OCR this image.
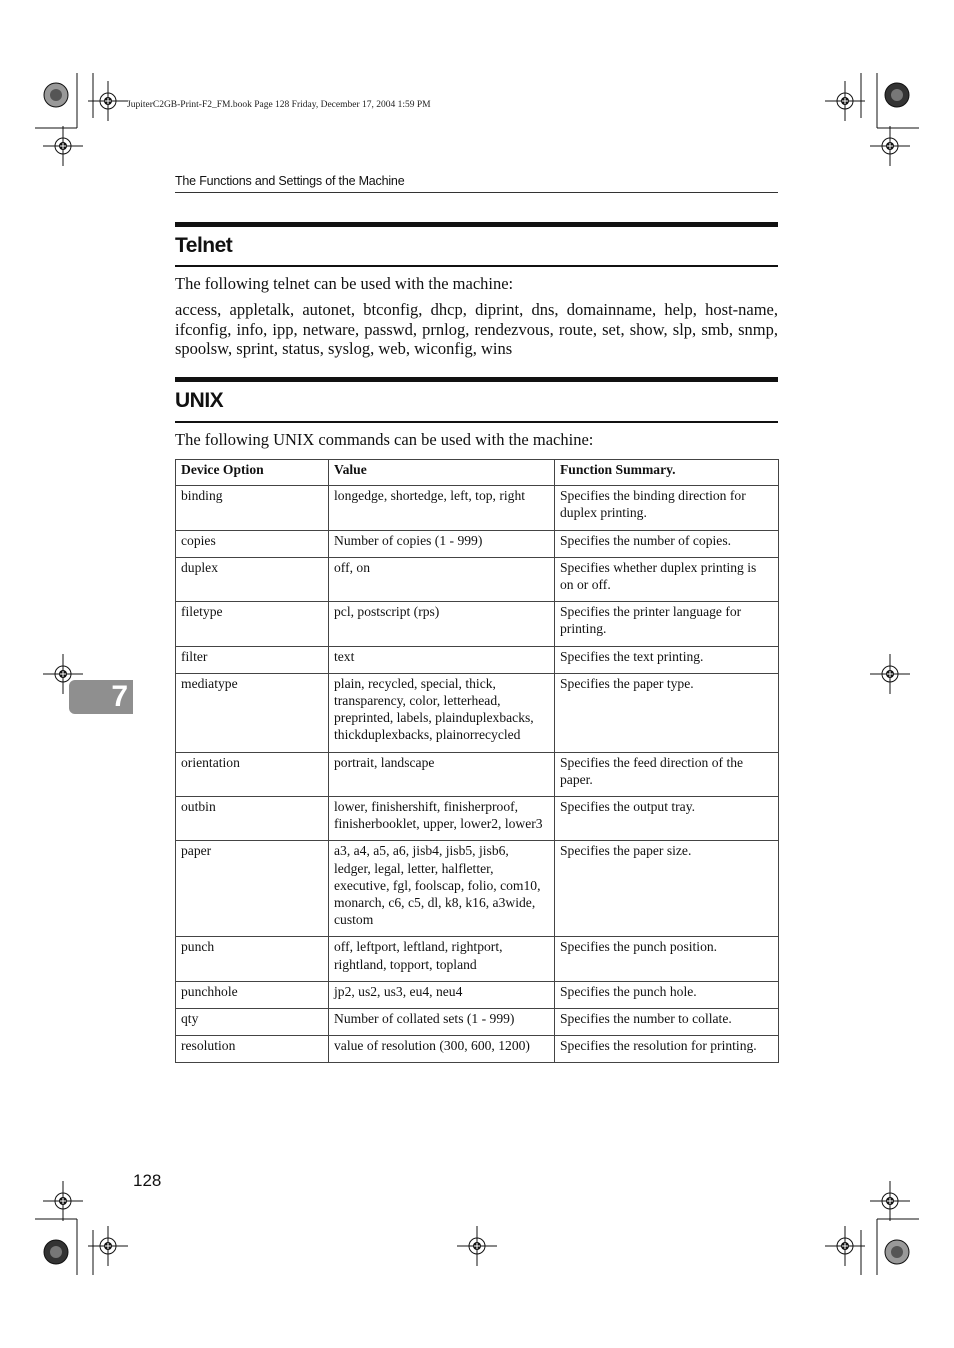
JupiterC2GB-Print-F2_FM.book Page 128 Friday, December 17, 2004 1:59 PM
The Functions and Settings of the Machine
Telnet
The following telnet can be used with the machine:
access, appletalk, autonet, btconfig, dhcp, diprint, dns, domainname, help, host-name, ifconfig, info, ipp, netware, passwd, prnlog, rendezvous, route, set, show, slp, smb, snmp, spoolsw, sprint, status, syslog, web, wiconfig, wins
UNIX
The following UNIX commands can be used with the machine:
Device Option	Value	Function Summary.
binding	longedge, shortedge, left, top, right	Specifies the binding direction for duplex printing.
copies	Number of copies (1 - 999)	Specifies the number of copies.
duplex	off, on	Specifies whether duplex printing is on or off.
filetype	pcl, postscript (rps)	Specifies the printer language for printing.
filter	text	Specifies the text printing.
mediatype	plain, recycled, special, thick, transparency, color, letterhead, preprinted, labels, plainduplexbacks, thickduplexbacks, plainorrecycled	Specifies the paper type.
orientation	portrait, landscape	Specifies the feed direction of the paper.
outbin	lower, finishershift, finisherproof, finisherbooklet, upper, lower2, lower3	Specifies the output tray.
paper	a3, a4, a5, a6, jisb4, jisb5, jisb6, ledger, legal, letter, halfletter, executive, fgl, foolscap, folio, com10, monarch, c6, c5, dl, k8, k16, a3wide, custom	Specifies the paper size.
punch	off, leftport, leftland, rightport, rightland, topport, topland	Specifies the punch position.
punchhole	jp2, us2, us3, eu4, neu4	Specifies the punch hole.
qty	Number of collated sets (1 - 999)	Specifies the number to collate.
resolution	value of resolution (300, 600, 1200)	Specifies the resolution for printing.
7
128
